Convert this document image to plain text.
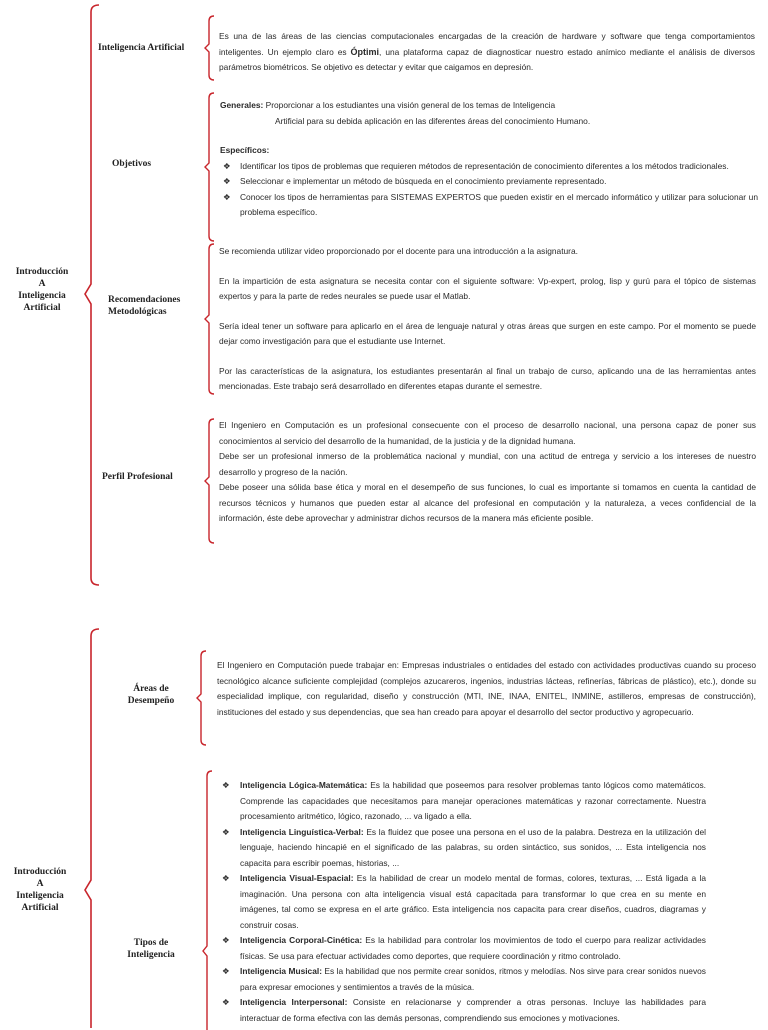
Introducción
A
Inteligencia
Artificial
Inteligencia Artificial
Es una de las áreas de las ciencias computacionales encargadas de la creación de hardware y software que tenga comportamientos inteligentes. Un ejemplo claro es Óptimi, una plataforma capaz de diagnosticar nuestro estado anímico mediante el análisis de diversos parámetros biométricos. Se objetivo es detectar y evitar que caigamos en depresión.
Objetivos
Generales: Proporcionar a los estudiantes una visión general de los temas de Inteligencia
Artificial para su debida aplicación en las diferentes áreas del conocimiento Humano.
Específicos:
❖ Identificar los tipos de problemas que requieren métodos de representación de conocimiento diferentes a los métodos tradicionales.
❖ Seleccionar e implementar un método de búsqueda en el conocimiento previamente representado.
❖ Conocer los tipos de herramientas para SISTEMAS EXPERTOS que pueden existir en el mercado informático y utilizar para solucionar un problema específico.
Recomendaciones
Metodológicas

Se recomienda utilizar video proporcionado por el docente para una introducción a la asignatura.

En la impartición de esta asignatura se necesita contar con el siguiente software: Vp-expert, prolog, lisp y gurú para el tópico de sistemas expertos y para la parte de redes neurales se puede usar el Matlab.

Sería ideal tener un software para aplicarlo en el área de lenguaje natural y otras áreas que surgen en este campo. Por el momento se puede dejar como investigación para que el estudiante use Internet.

Por las características de la asignatura, los estudiantes presentarán al final un trabajo de curso, aplicando una de las herramientas antes mencionadas. Este trabajo será desarrollado en diferentes etapas durante el semestre.

Perfil Profesional

El Ingeniero en Computación es un profesional consecuente con el proceso de desarrollo nacional, una persona capaz de poner sus conocimientos al servicio del desarrollo de la humanidad, de la justicia y de la dignidad humana.

Debe ser un profesional inmerso de la problemática nacional y mundial, con una actitud de entrega y servicio a los intereses de nuestro desarrollo y progreso de la nación.

Debe poseer una sólida base ética y moral en el desempeño de sus funciones, lo cual es importante si tomamos en cuenta la cantidad de recursos técnicos y humanos que pueden estar al alcance del profesional en computación y la naturaleza, a veces confidencial de la información, éste debe aprovechar y administrar dichos recursos de la manera más eficiente posible.

Introducción
A
Inteligencia
Artificial
Áreas de
Desempeño
El Ingeniero en Computación puede trabajar en: Empresas industriales o entidades del estado con actividades productivas cuando su proceso tecnológico alcance suficiente complejidad (complejos azucareros, ingenios, industrias lácteas, refinerías, fábricas de plástico), etc.), donde su especialidad implique, con regularidad, diseño y construcción (MTI, INE, INAA, ENITEL, INMINE, astilleros, empresas de construcción), instituciones del estado y sus dependencias, que sea han creado para apoyar el desarrollo del sector productivo y agropecuario.
Tipos de
Inteligencia
❖ Inteligencia Lógica-Matemática: Es la habilidad que poseemos para resolver problemas tanto lógicos como matemáticos. Comprende las capacidades que necesitamos para manejar operaciones matemáticas y razonar correctamente. Nuestra procesamiento aritmético, lógico, razonado, ... va ligado a ella.
❖ Inteligencia Linguística-Verbal: Es la fluidez que posee una persona en el uso de la palabra. Destreza en la utilización del lenguaje, haciendo hincapié en el significado de las palabras, su orden sintáctico, sus sonidos, ... Esta inteligencia nos capacita para escribir poemas, historias, ...
❖ Inteligencia Visual-Espacial: Es la habilidad de crear un modelo mental de formas, colores, texturas, ... Está ligada a la imaginación. Una persona con alta inteligencia visual está capacitada para transformar lo que crea en su mente en imágenes, tal como se expresa en el arte gráfico. Esta inteligencia nos capacita para crear diseños, cuadros, diagramas y construir cosas.
❖ Inteligencia Corporal-Cinética: Es la habilidad para controlar los movimientos de todo el cuerpo para realizar actividades físicas. Se usa para efectuar actividades como deportes, que requiere coordinación y ritmo controlado.
❖ Inteligencia Musical: Es la habilidad que nos permite crear sonidos, ritmos y melodías. Nos sirve para crear sonidos nuevos para expresar emociones y sentimientos a través de la música.
❖ Inteligencia Interpersonal: Consiste en relacionarse y comprender a otras personas. Incluye las habilidades para interactuar de forma efectiva con las demás personas, comprendiendo sus emociones y motivaciones.
